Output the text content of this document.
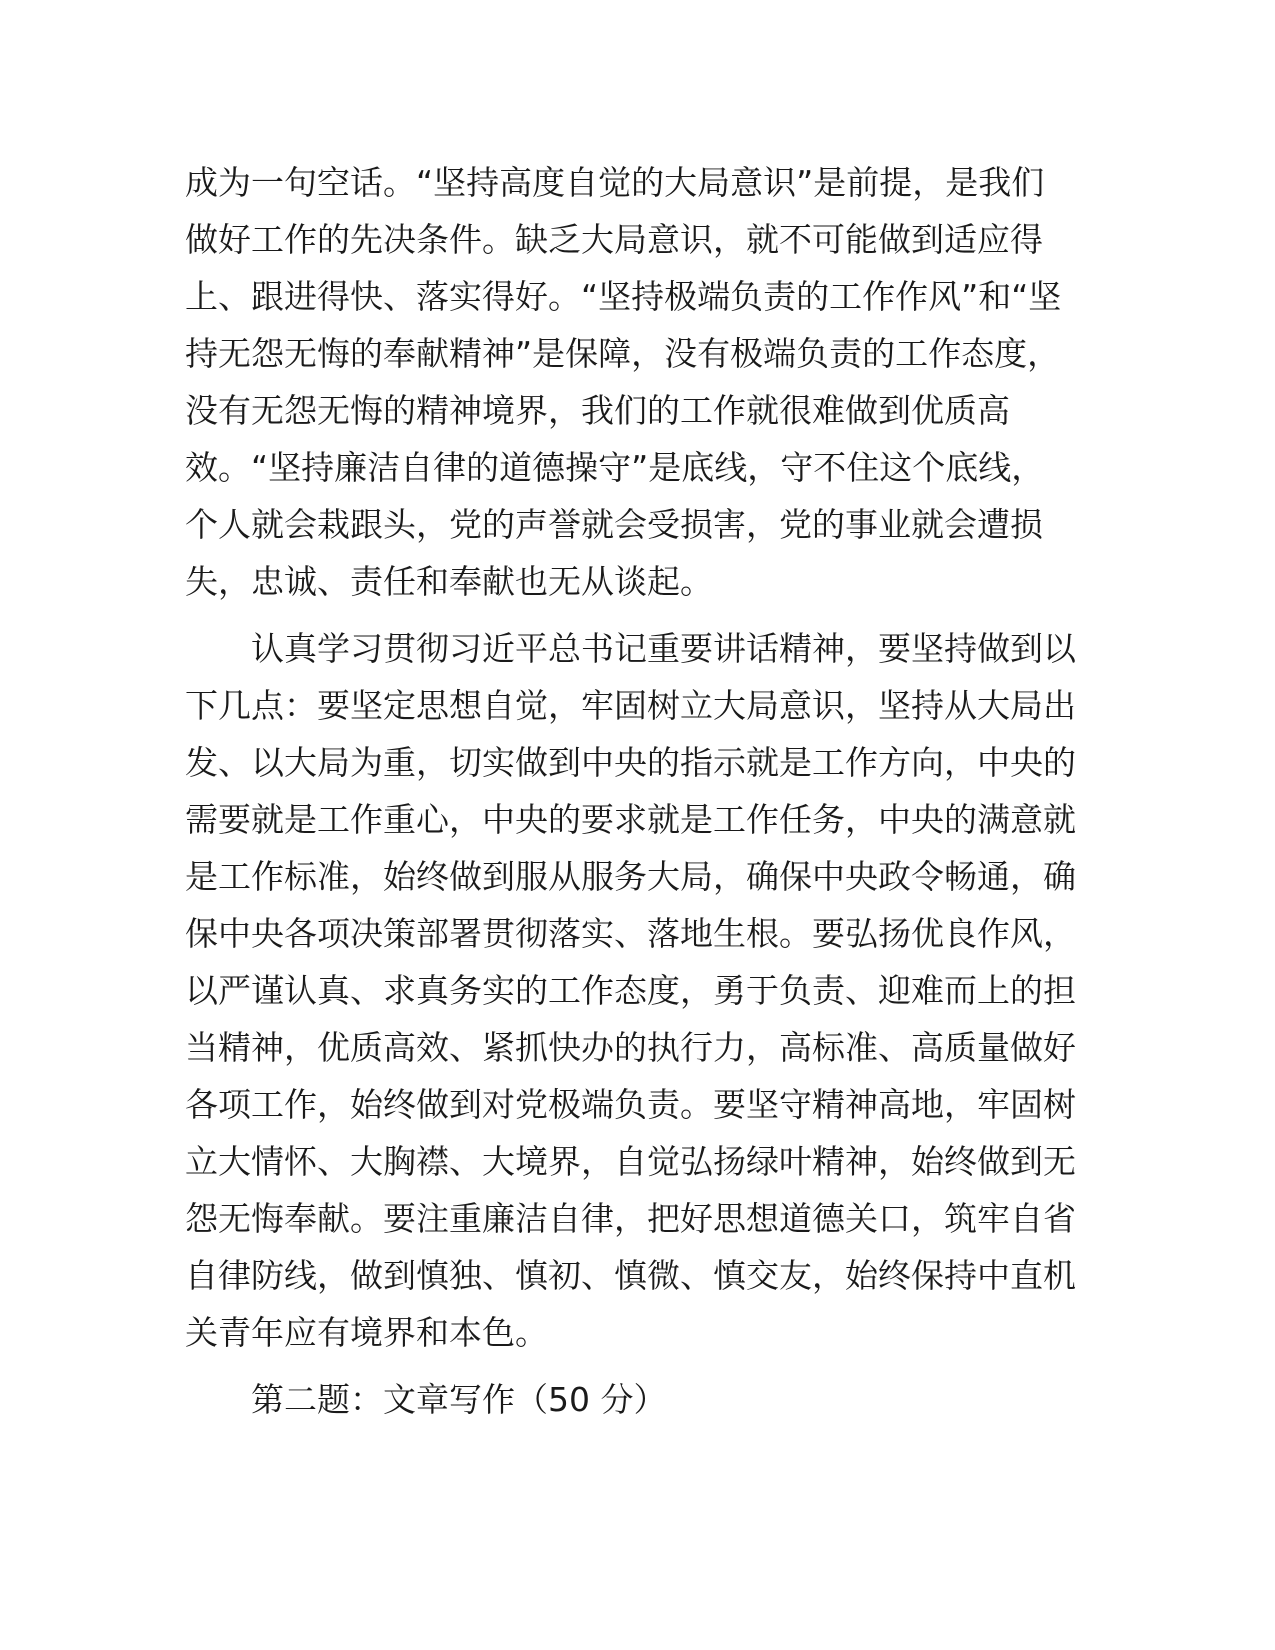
成为一句空话。“坚持高度自觉的大局意识”是前提，是我们
做好工作的先决条件。缺乏大局意识，就不可能做到适应得
上、跟进得快、落实得好。“坚持极端负责的工作作风”和“坚
持无怨无悔的奉献精神”是保障，没有极端负责的工作态度，
没有无怨无悔的精神境界，我们的工作就很难做到优质高
效。“坚持廉洁自律的道德操守”是底线，守不住这个底线，
个人就会栽跟头，党的声誉就会受损害，党的事业就会遭损
失，忠诚、责任和奉献也无从谈起。
认真学习贯彻习近平总书记重要讲话精神，要坚持做到以
下几点：要坚定思想自觉，牢固树立大局意识，坚持从大局出
发、以大局为重，切实做到中央的指示就是工作方向，中央的
需要就是工作重心，中央的要求就是工作任务，中央的满意就
是工作标准，始终做到服从服务大局，确保中央政令畅通，确
保中央各项决策部署贯彻落实、落地生根。要弘扬优良作风，
以严谨认真、求真务实的工作态度，勇于负责、迎难而上的担
当精神，优质高效、紧抓快办的执行力，高标准、高质量做好
各项工作，始终做到对党极端负责。要坚守精神高地，牢固树
立大情怀、大胸襟、大境界，自觉弘扬绿叶精神，始终做到无
怨无悔奉献。要注重廉洁自律，把好思想道德关口，筑牢自省
自律防线，做到慎独、慎初、慎微、慎交友，始终保持中直机
关青年应有境界和本色。
第二题：文章写作（50 分）
